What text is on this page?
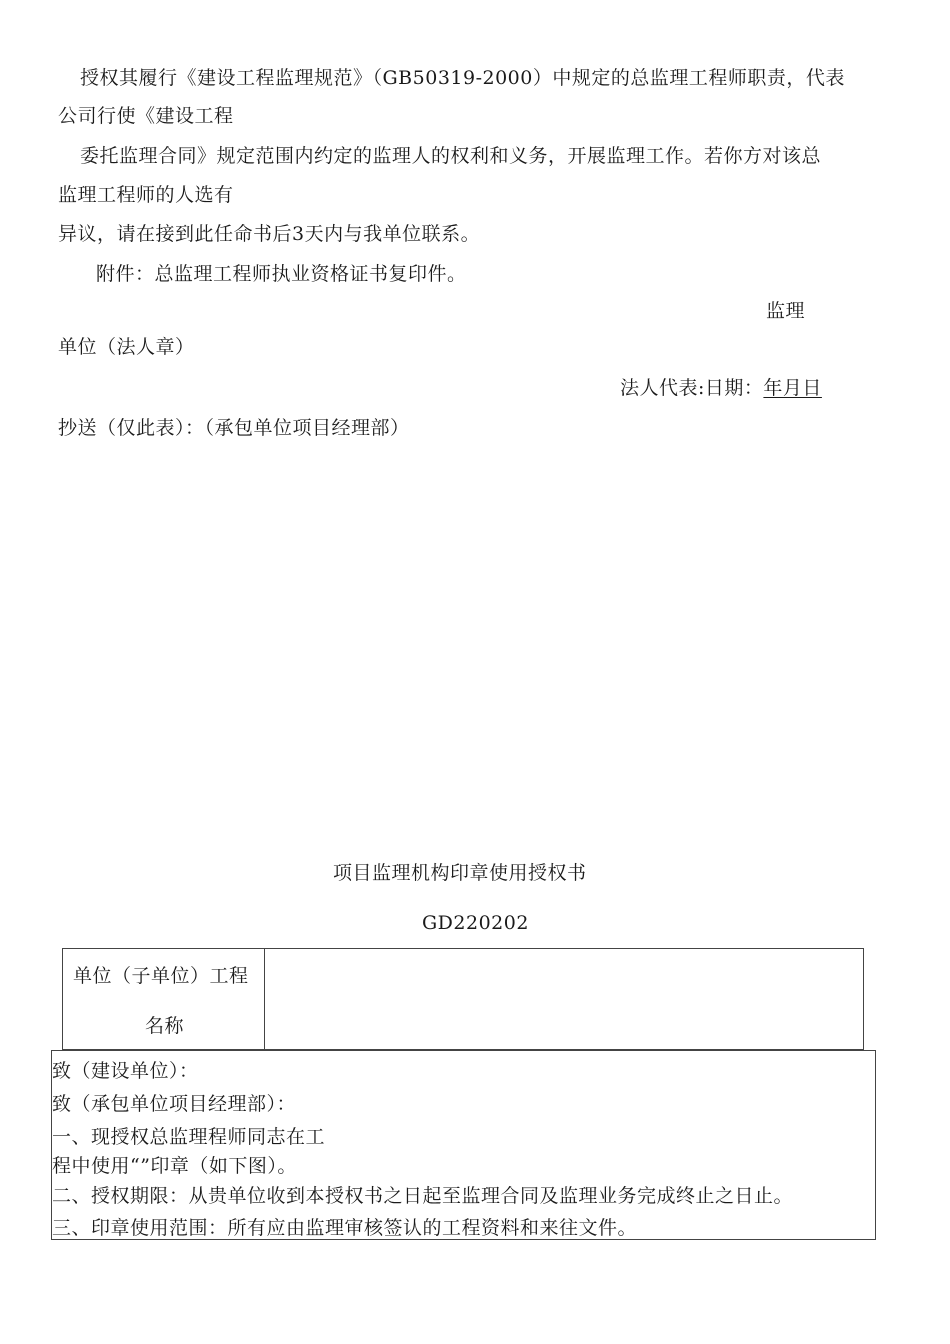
授权其履行《建设工程监理规范》（GB50319-2000）中规定的总监理工程师职责，代表
公司行使《建设工程
委托监理合同》规定范围内约定的监理人的权利和义务，开展监理工作。若你方对该总
监理工程师的人选有
异议，请在接到此任命书后3天内与我单位联系。
附件：总监理工程师执业资格证书复印件。
监理
单位（法人章）
法人代表:日期：年月日
抄送（仅此表）：（承包单位项目经理部）
项目监理机构印章使用授权书
GD220202
单位（子单位）工程
名称
致（建设单位）：
致（承包单位项目经理部）：
一、现授权总监理程师同志在工
程中使用“”印章（如下图）。
二、授权期限：从贵单位收到本授权书之日起至监理合同及监理业务完成终止之日止。
三、印章使用范围：所有应由监理审核签认的工程资料和来往文件。
